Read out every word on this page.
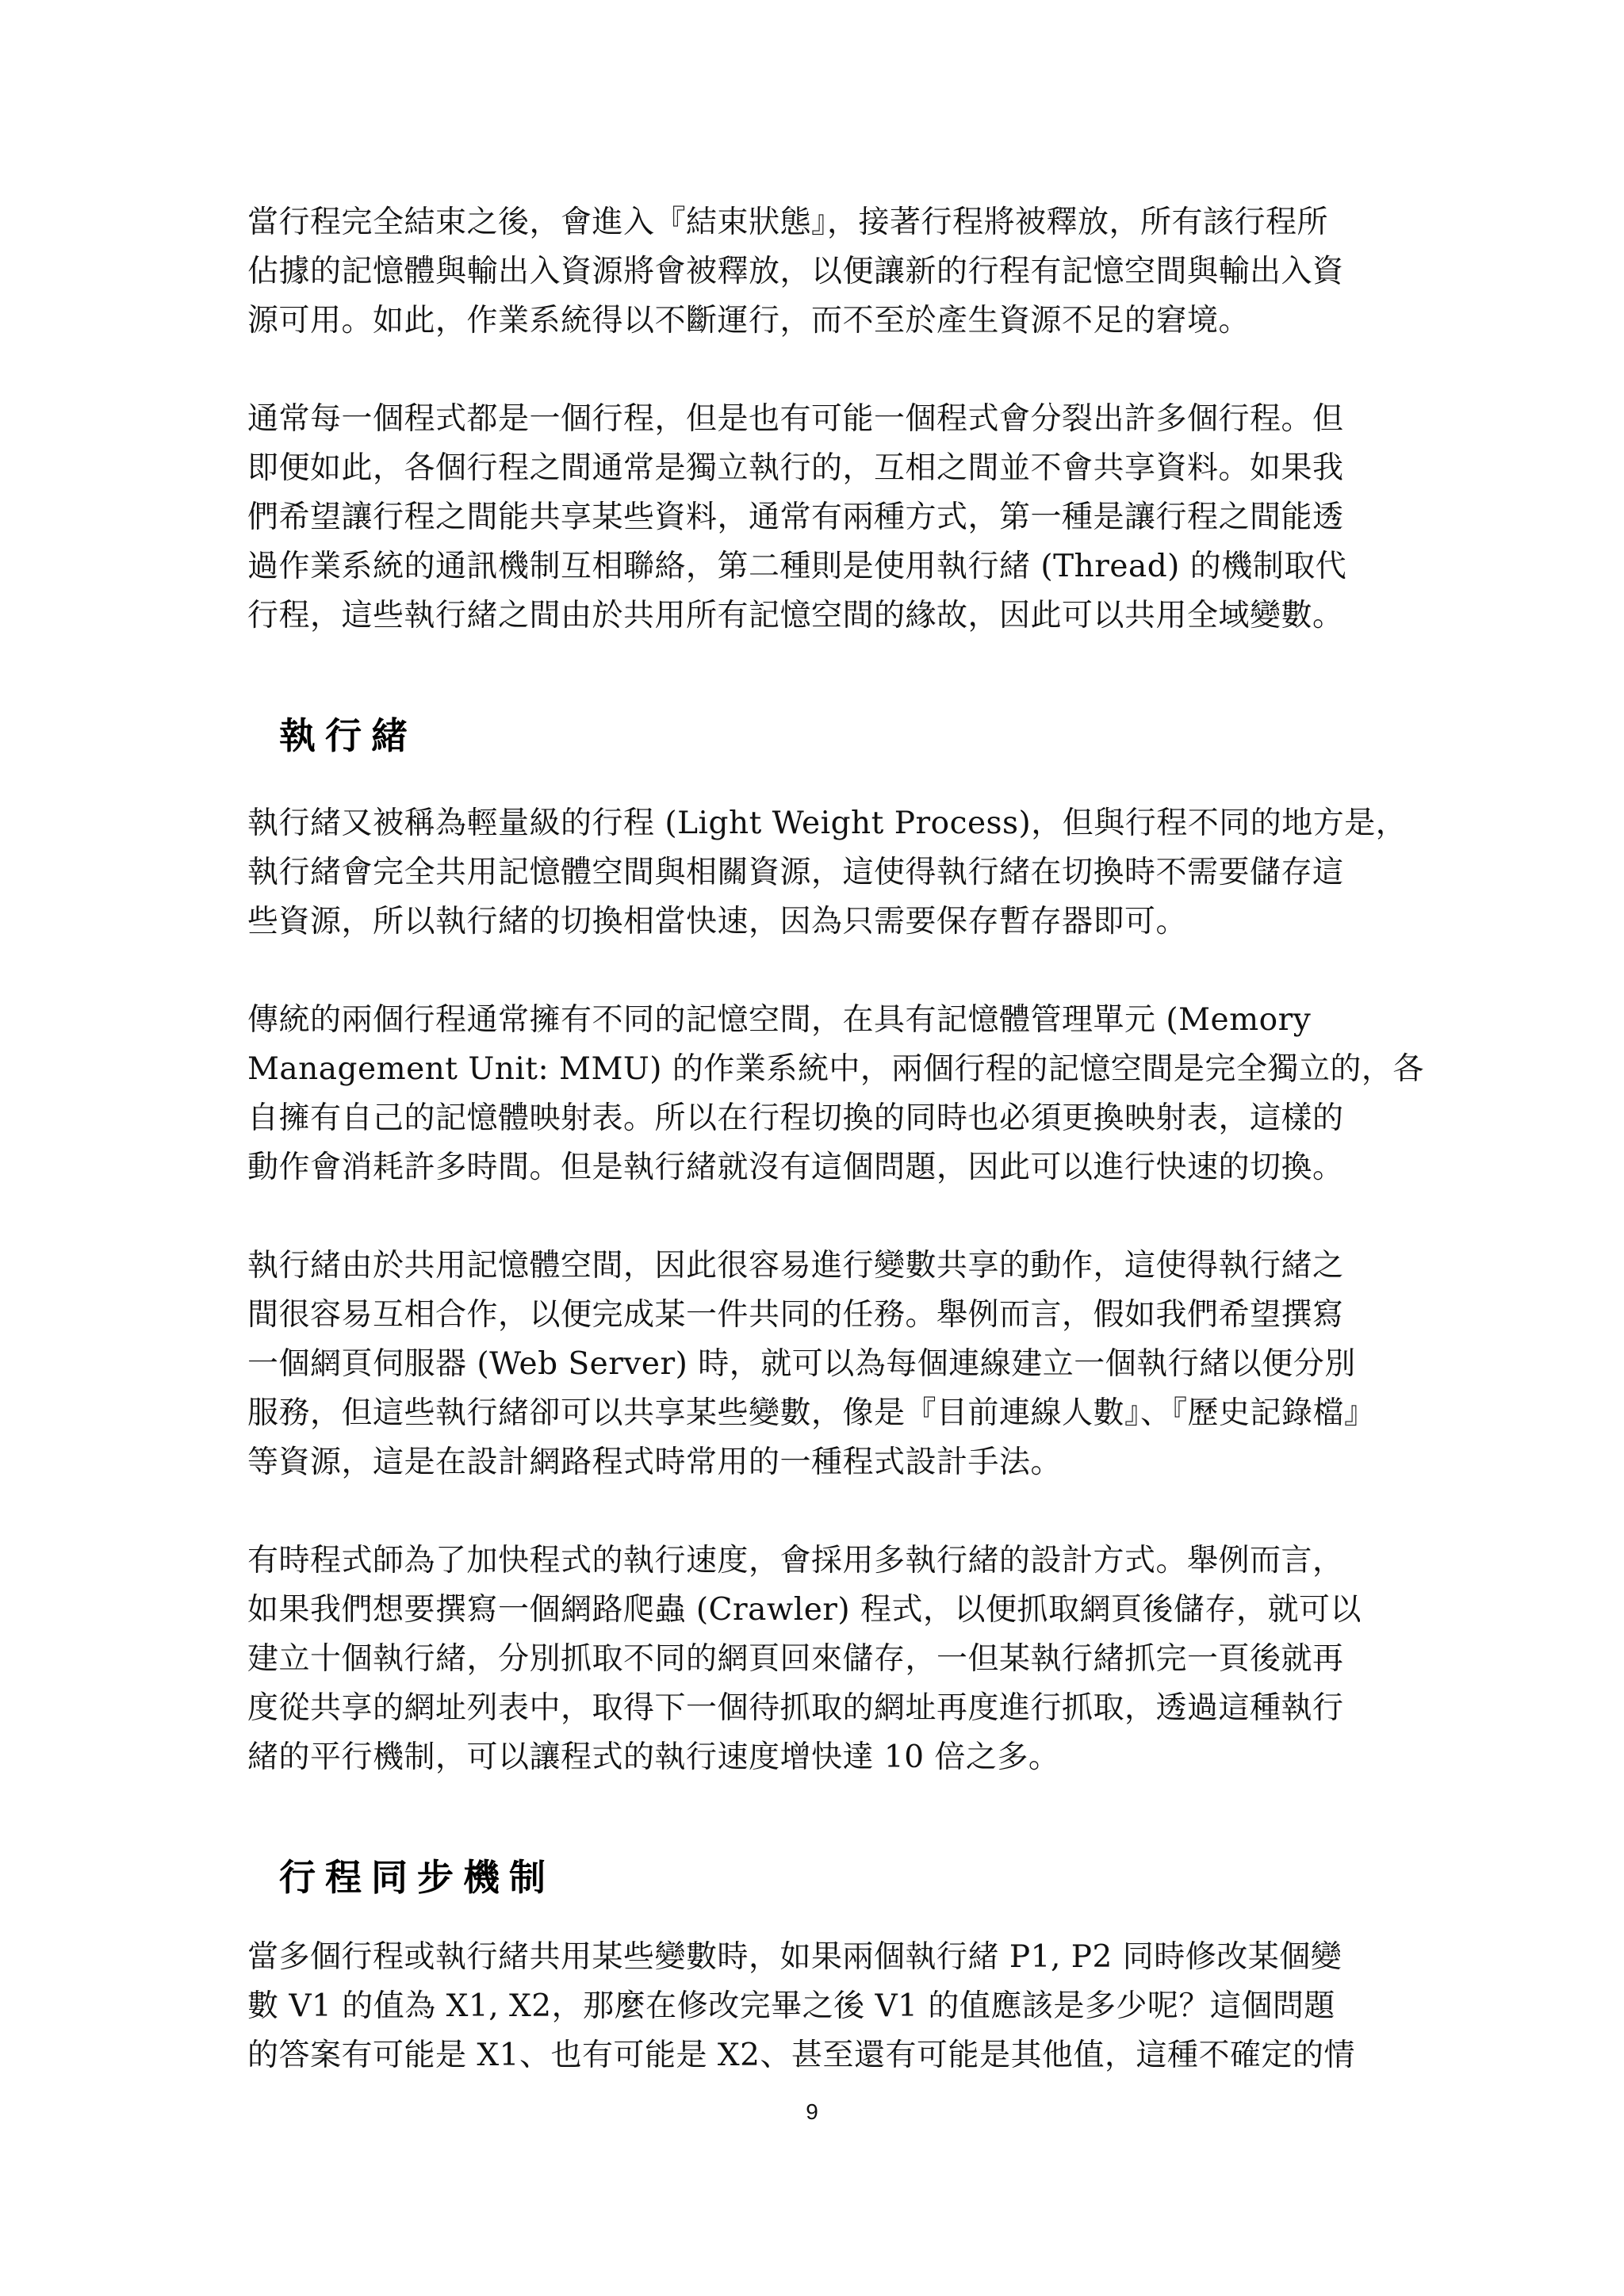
當行程完全結束之後，會進入『結束狀態』，接著行程將被釋放，所有該行程所
佔據的記憶體與輸出入資源將會被釋放，以便讓新的行程有記憶空間與輸出入資
源可用。如此，作業系統得以不斷運行，而不至於產生資源不足的窘境。
通常每一個程式都是一個行程，但是也有可能一個程式會分裂出許多個行程。但
即便如此，各個行程之間通常是獨立執行的，互相之間並不會共享資料。如果我
們希望讓行程之間能共享某些資料，通常有兩種方式，第一種是讓行程之間能透
過作業系統的通訊機制互相聯絡，第二種則是使用執行緒 (Thread) 的機制取代
行程，這些執行緒之間由於共用所有記憶空間的緣故，因此可以共用全域變數。
執行緒
執行緒又被稱為輕量級的行程 (Light Weight Process)，但與行程不同的地方是，
執行緒會完全共用記憶體空間與相關資源，這使得執行緒在切換時不需要儲存這
些資源，所以執行緒的切換相當快速，因為只需要保存暫存器即可。
傳統的兩個行程通常擁有不同的記憶空間，在具有記憶體管理單元 (Memory
Management Unit: MMU) 的作業系統中，兩個行程的記憶空間是完全獨立的，各
自擁有自己的記憶體映射表。所以在行程切換的同時也必須更換映射表，這樣的
動作會消耗許多時間。但是執行緒就沒有這個問題，因此可以進行快速的切換。
執行緒由於共用記憶體空間，因此很容易進行變數共享的動作，這使得執行緒之
間很容易互相合作，以便完成某一件共同的任務。舉例而言，假如我們希望撰寫
一個網頁伺服器 (Web Server) 時，就可以為每個連線建立一個執行緒以便分別
服務，但這些執行緒卻可以共享某些變數，像是『目前連線人數』、『歷史記錄檔』
等資源，這是在設計網路程式時常用的一種程式設計手法。
有時程式師為了加快程式的執行速度，會採用多執行緒的設計方式。舉例而言，
如果我們想要撰寫一個網路爬蟲 (Crawler) 程式，以便抓取網頁後儲存，就可以
建立十個執行緒，分別抓取不同的網頁回來儲存，一但某執行緒抓完一頁後就再
度從共享的網址列表中，取得下一個待抓取的網址再度進行抓取，透過這種執行
緒的平行機制，可以讓程式的執行速度增快達 10 倍之多。
行程同步機制
當多個行程或執行緒共用某些變數時，如果兩個執行緒 P1, P2 同時修改某個變
數 V1 的值為 X1, X2，那麼在修改完畢之後 V1 的值應該是多少呢？這個問題
的答案有可能是 X1、也有可能是 X2、甚至還有可能是其他值，這種不確定的情
9
